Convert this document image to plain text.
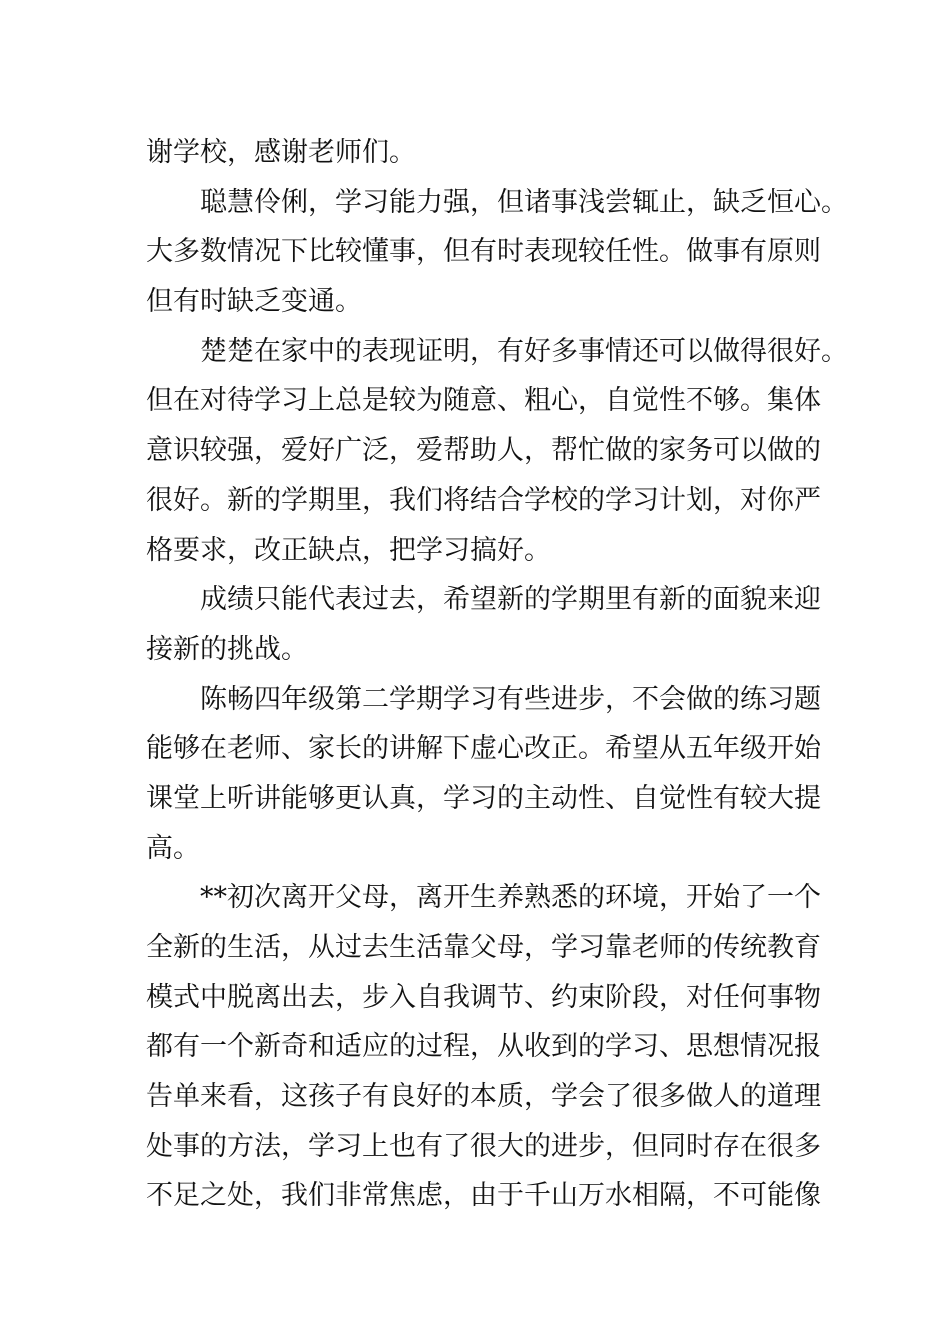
谢学校，感谢老师们。
聪慧伶俐，学习能力强，但诸事浅尝辄止，缺乏恒心。
大多数情况下比较懂事，但有时表现较任性。做事有原则
但有时缺乏变通。
楚楚在家中的表现证明，有好多事情还可以做得很好。
但在对待学习上总是较为随意、粗心，自觉性不够。集体
意识较强，爱好广泛，爱帮助人，帮忙做的家务可以做的
很好。新的学期里，我们将结合学校的学习计划，对你严
格要求，改正缺点，把学习搞好。
成绩只能代表过去，希望新的学期里有新的面貌来迎
接新的挑战。
陈畅四年级第二学期学习有些进步，不会做的练习题
能够在老师、家长的讲解下虚心改正。希望从五年级开始
课堂上听讲能够更认真，学习的主动性、自觉性有较大提
高。
**初次离开父母，离开生养熟悉的环境，开始了一个
全新的生活，从过去生活靠父母，学习靠老师的传统教育
模式中脱离出去，步入自我调节、约束阶段，对任何事物
都有一个新奇和适应的过程，从收到的学习、思想情况报
告单来看，这孩子有良好的本质，学会了很多做人的道理
处事的方法，学习上也有了很大的进步，但同时存在很多
不足之处，我们非常焦虑，由于千山万水相隔，不可能像
